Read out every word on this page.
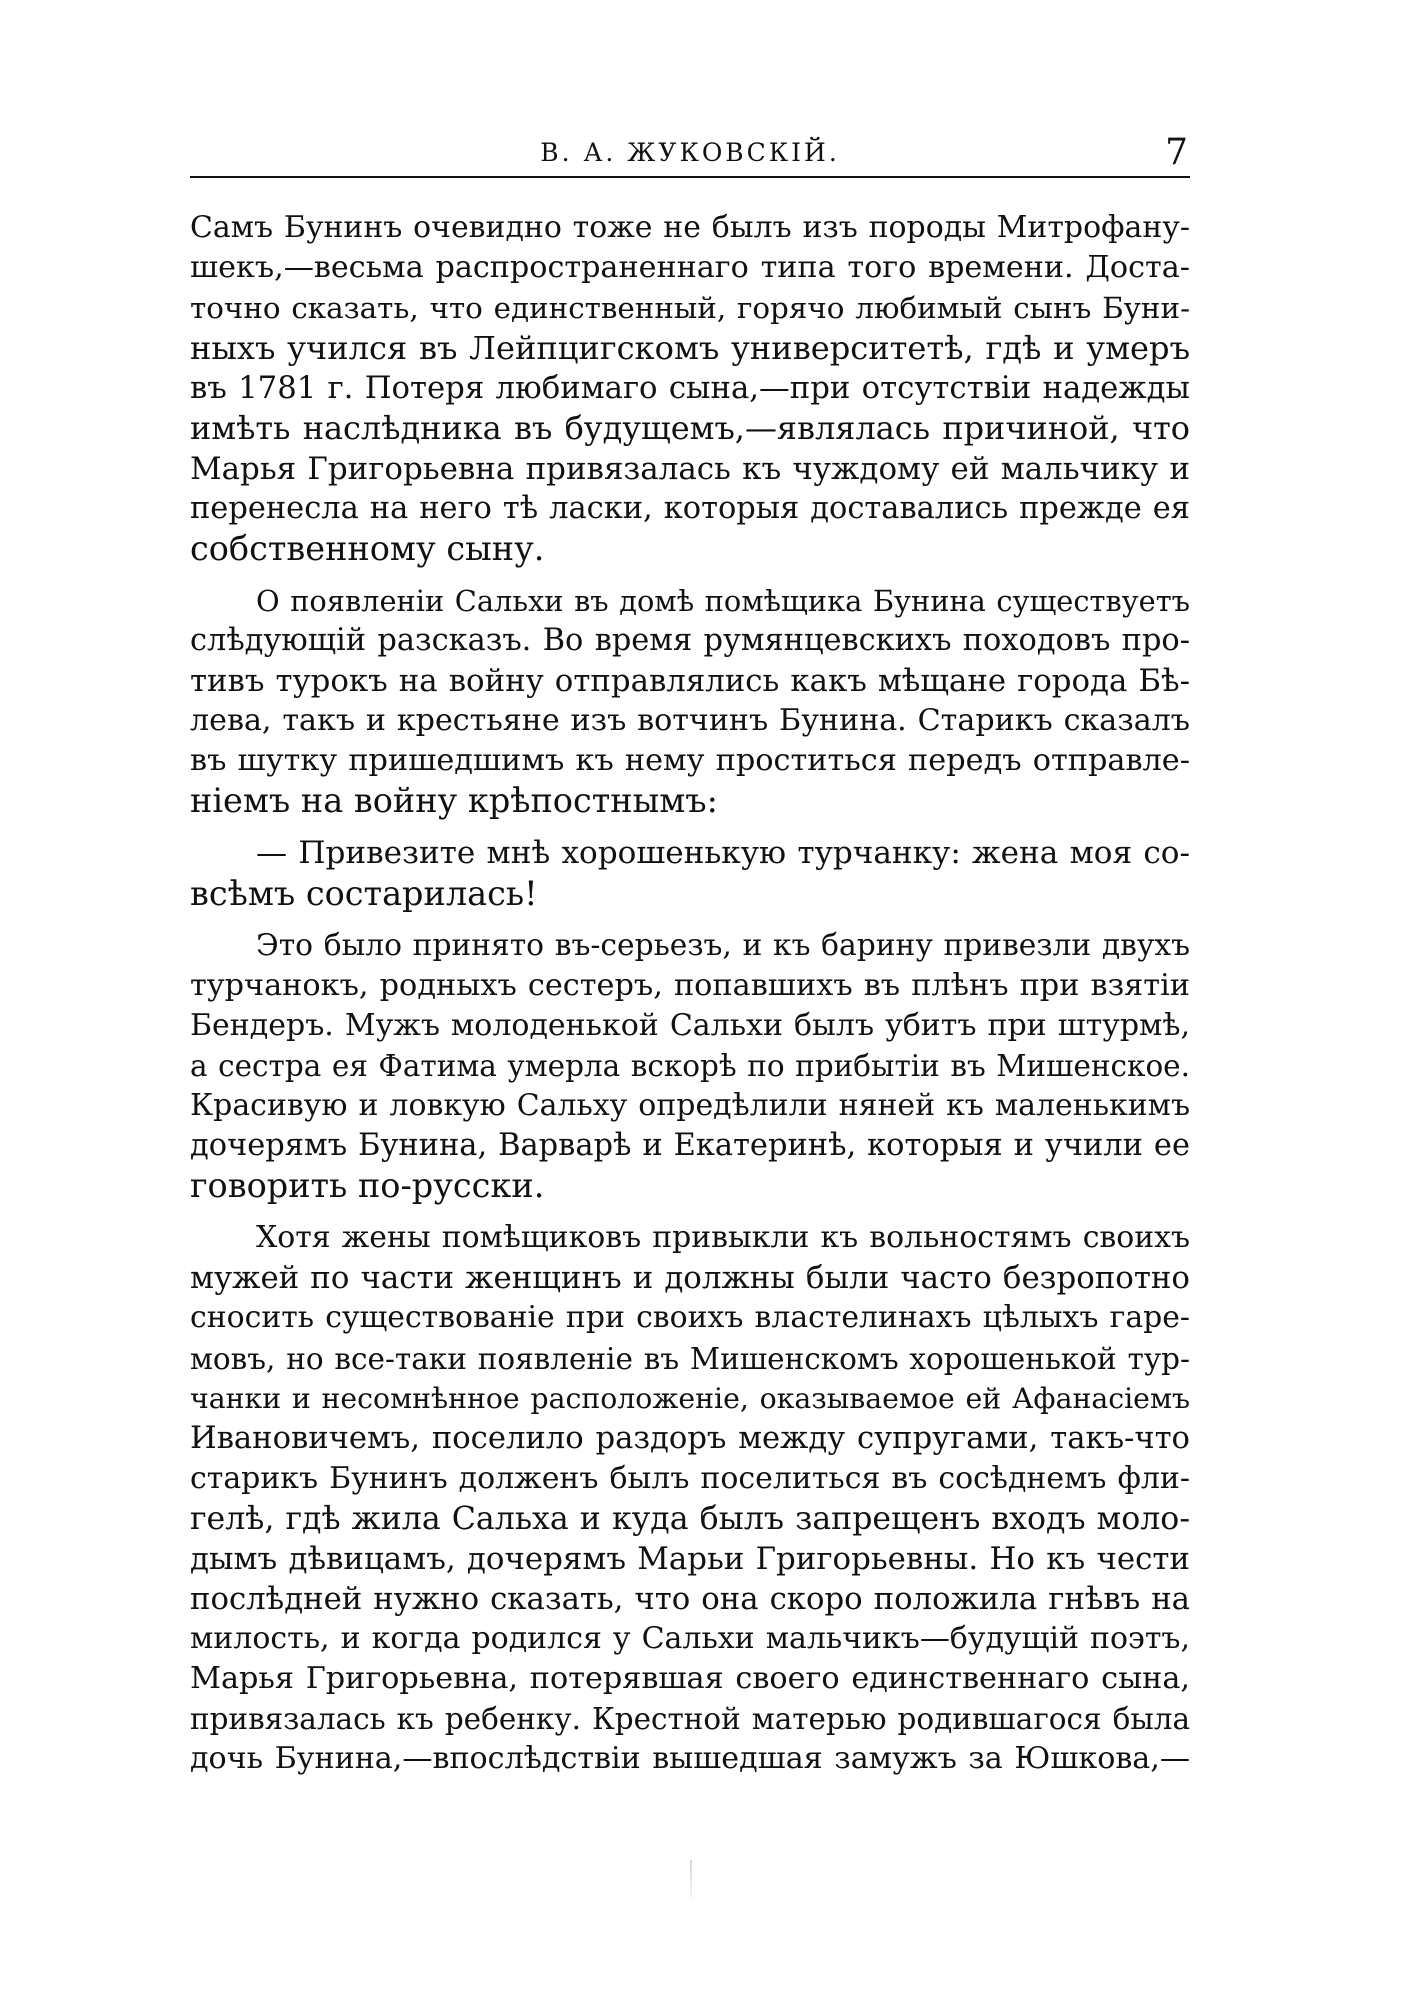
В. А. ЖУКОВСКІЙ.	7

Самъ Бунинъ очевидно тоже не былъ изъ породы Митрофану-
шекъ,—весьма распространеннаго типа того времени. Доста-
точно сказать, что единственный, горячо любимый сынъ Буни-
ныхъ учился въ Лейпцигскомъ университетѣ, гдѣ и умеръ
въ 1781 г. Потеря любимаго сына,—при отсутствіи надежды
имѣть наслѣдника въ будущемъ,—являлась причиной, что
Марья Григорьевна привязалась къ чуждому ей мальчику и
перенесла на него тѣ ласки, которыя доставались прежде ея
собственному сыну.

О появленіи Сальхи въ домѣ помѣщика Бунина существуетъ
слѣдующій разсказъ. Во время румянцевскихъ походовъ про-
тивъ турокъ на войну отправлялись какъ мѣщане города Бѣ-
лева, такъ и крестьяне изъ вотчинъ Бунина. Старикъ сказалъ
въ шутку пришедшимъ къ нему проститься передъ отправле-
ніемъ на войну крѣпостнымъ:

— Привезите мнѣ хорошенькую турчанку: жена моя со-
всѣмъ состарилась!

Это было принято въ-серьезъ, и къ барину привезли двухъ
турчанокъ, родныхъ сестеръ, попавшихъ въ плѣнъ при взятіи
Бендеръ. Мужъ молоденькой Сальхи былъ убитъ при штурмѣ,
а сестра ея Фатима умерла вскорѣ по прибытіи въ Мишенское.
Красивую и ловкую Сальху опредѣлили няней къ маленькимъ
дочерямъ Бунина, Варварѣ и Екатеринѣ, которыя и учили ее
говорить по-русски.

Хотя жены помѣщиковъ привыкли къ вольностямъ своихъ
мужей по части женщинъ и должны были часто безропотно
сносить существованіе при своихъ властелинахъ цѣлыхъ гаре-
мовъ, но все-таки появленіе въ Мишенскомъ хорошенькой тур-
чанки и несомнѣнное расположеніе, оказываемое ей Афанасіемъ
Ивановичемъ, поселило раздоръ между супругами, такъ-что
старикъ Бунинъ долженъ былъ поселиться въ сосѣднемъ фли-
гелѣ, гдѣ жила Сальха и куда былъ запрещенъ входъ моло-
дымъ дѣвицамъ, дочерямъ Марьи Григорьевны. Но къ чести
послѣдней нужно сказать, что она скоро положила гнѣвъ на
милость, и когда родился у Сальхи мальчикъ—будущій поэтъ,
Марья Григорьевна, потерявшая своего единственнаго сына,
привязалась къ ребенку. Крестной матерью родившагося была
дочь Бунина,—впослѣдствіи вышедшая замужъ за Юшкова,—
